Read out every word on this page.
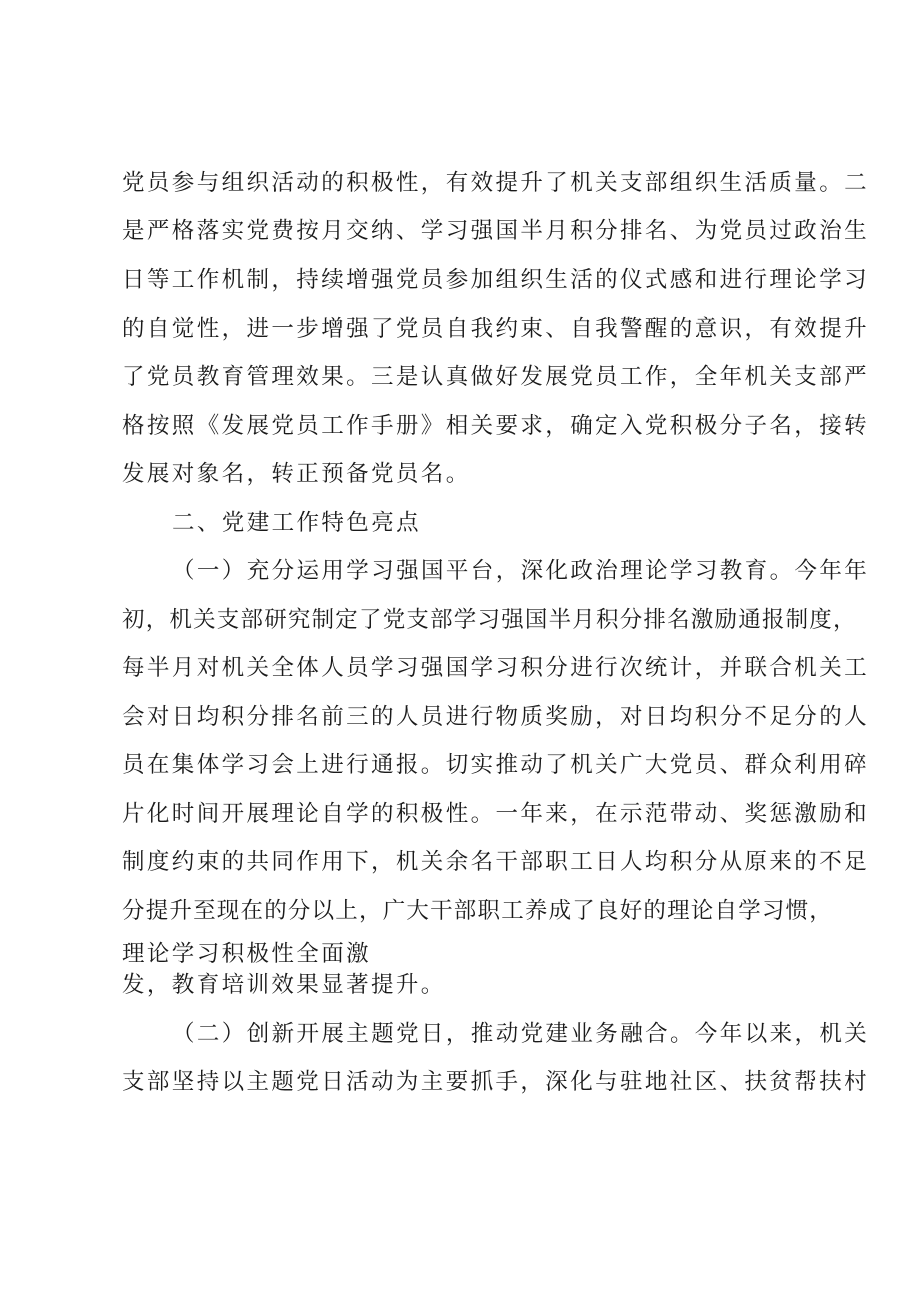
党员参与组织活动的积极性，有效提升了机关支部组织生活质量。二
是严格落实党费按月交纳、学习强国半月积分排名、为党员过政治生
日等工作机制，持续增强党员参加组织生活的仪式感和进行理论学习
的自觉性，进一步增强了党员自我约束、自我警醒的意识，有效提升
了党员教育管理效果。三是认真做好发展党员工作，全年机关支部严
格按照《发展党员工作手册》相关要求，确定入党积极分子名，接转
发展对象名，转正预备党员名。
二、党建工作特色亮点
（一）充分运用学习强国平台，深化政治理论学习教育。今年年
初，机关支部研究制定了党支部学习强国半月积分排名激励通报制度，
每半月对机关全体人员学习强国学习积分进行次统计，并联合机关工
会对日均积分排名前三的人员进行物质奖励，对日均积分不足分的人
员在集体学习会上进行通报。切实推动了机关广大党员、群众利用碎
片化时间开展理论自学的积极性。一年来，在示范带动、奖惩激励和
制度约束的共同作用下，机关余名干部职工日人均积分从原来的不足
分提升至现在的分以上，广大干部职工养成了良好的理论自学习惯，
理论学习积极性全面激
发，教育培训效果显著提升。
（二）创新开展主题党日，推动党建业务融合。今年以来，机关
支部坚持以主题党日活动为主要抓手，深化与驻地社区、扶贫帮扶村
